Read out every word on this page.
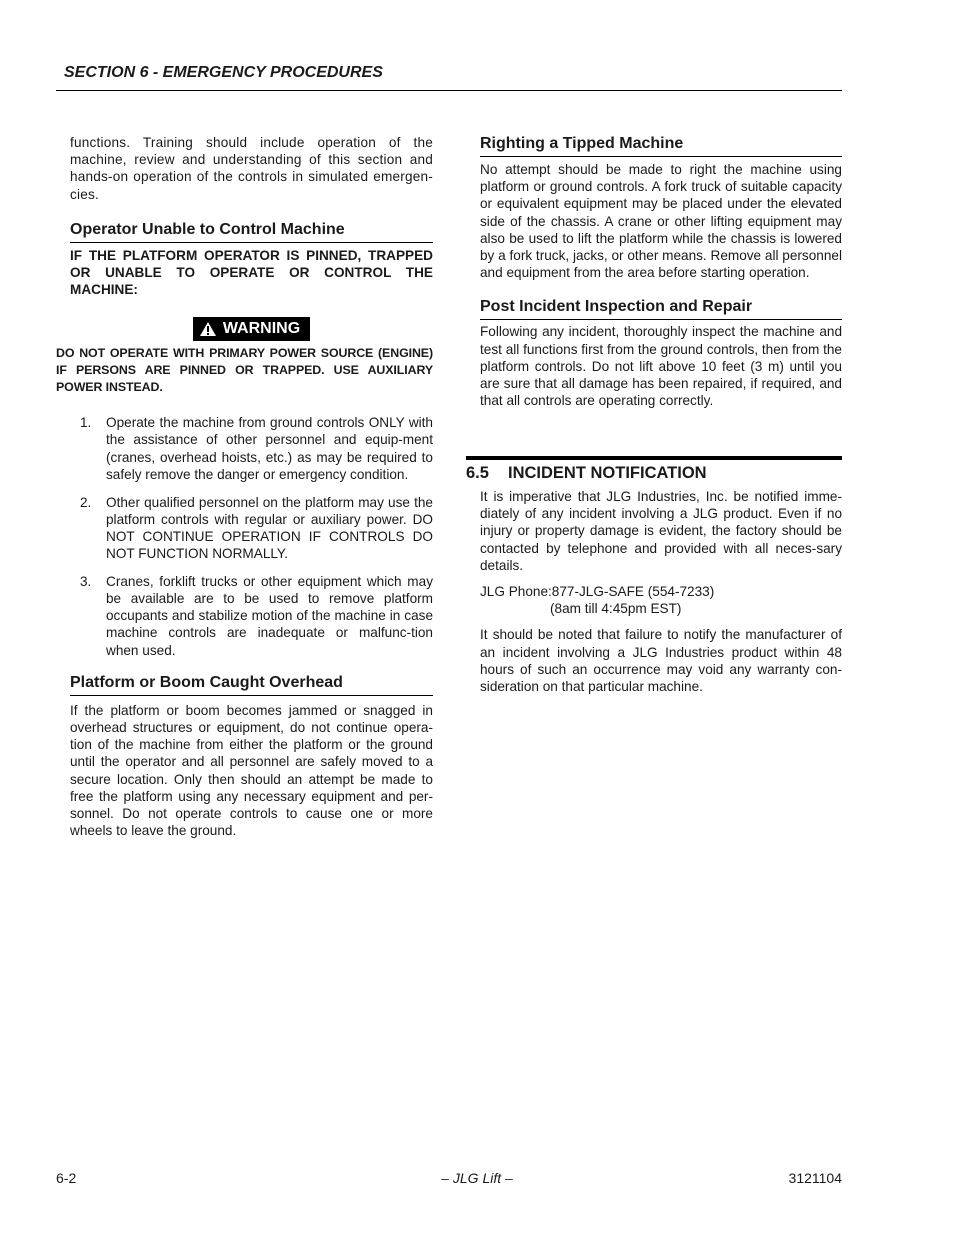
SECTION 6 - EMERGENCY PROCEDURES

functions. Training should include operation of the machine, review and understanding of this section and hands-on operation of the controls in simulated emergen-cies.

Operator Unable to Control Machine

IF THE PLATFORM OPERATOR IS PINNED, TRAPPED OR UNABLE TO OPERATE OR CONTROL THE MACHINE:

WARNING

DO NOT OPERATE WITH PRIMARY POWER SOURCE (ENGINE) IF PERSONS ARE PINNED OR TRAPPED. USE AUXILIARY POWER INSTEAD.

1. Operate the machine from ground controls ONLY with the assistance of other personnel and equip-ment (cranes, overhead hoists, etc.) as may be required to safely remove the danger or emergency condition.
2. Other qualified personnel on the platform may use the platform controls with regular or auxiliary power. DO NOT CONTINUE OPERATION IF CONTROLS DO NOT FUNCTION NORMALLY.
3. Cranes, forklift trucks or other equipment which may be available are to be used to remove platform occupants and stabilize motion of the machine in case machine controls are inadequate or malfunc-tion when used.
Platform or Boom Caught Overhead

If the platform or boom becomes jammed or snagged in overhead structures or equipment, do not continue opera-tion of the machine from either the platform or the ground until the operator and all personnel are safely moved to a secure location. Only then should an attempt be made to free the platform using any necessary equipment and per-sonnel. Do not operate controls to cause one or more wheels to leave the ground.

Righting a Tipped Machine

No attempt should be made to right the machine using platform or ground controls. A fork truck of suitable capacity or equivalent equipment may be placed under the elevated side of the chassis. A crane or other lifting equipment may also be used to lift the platform while the chassis is lowered by a fork truck, jacks, or other means. Remove all personnel and equipment from the area before starting operation.

Post Incident Inspection and Repair

Following any incident, thoroughly inspect the machine and test all functions first from the ground controls, then from the platform controls. Do not lift above 10 feet (3 m) until you are sure that all damage has been repaired, if required, and that all controls are operating correctly.

6.5 INCIDENT NOTIFICATION

It is imperative that JLG Industries, Inc. be notified imme-diately of any incident involving a JLG product. Even if no injury or property damage is evident, the factory should be contacted by telephone and provided with all neces-sary details.

JLG Phone:877-JLG-SAFE (554-7233)
(8am till 4:45pm EST)

It should be noted that failure to notify the manufacturer of an incident involving a JLG Industries product within 48 hours of such an occurrence may void any warranty con-sideration on that particular machine.

6-2	– JLG Lift –	3121104
